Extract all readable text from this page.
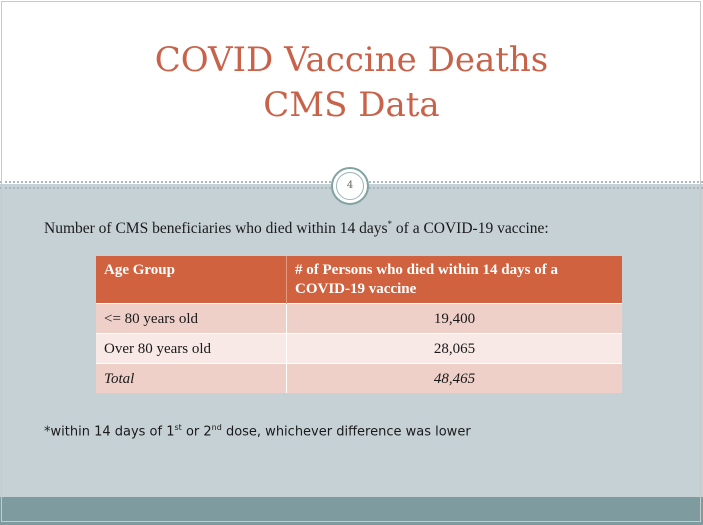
COVID Vaccine Deaths
CMS Data
4
Number of CMS beneficiaries who died within 14 days* of a COVID-19 vaccine:
Age Group	# of Persons who died within 14 days of a COVID-19 vaccine
<= 80 years old	19,400
Over 80 years old	28,065
Total	48,465
*within 14 days of 1st or 2nd dose, whichever difference was lower
